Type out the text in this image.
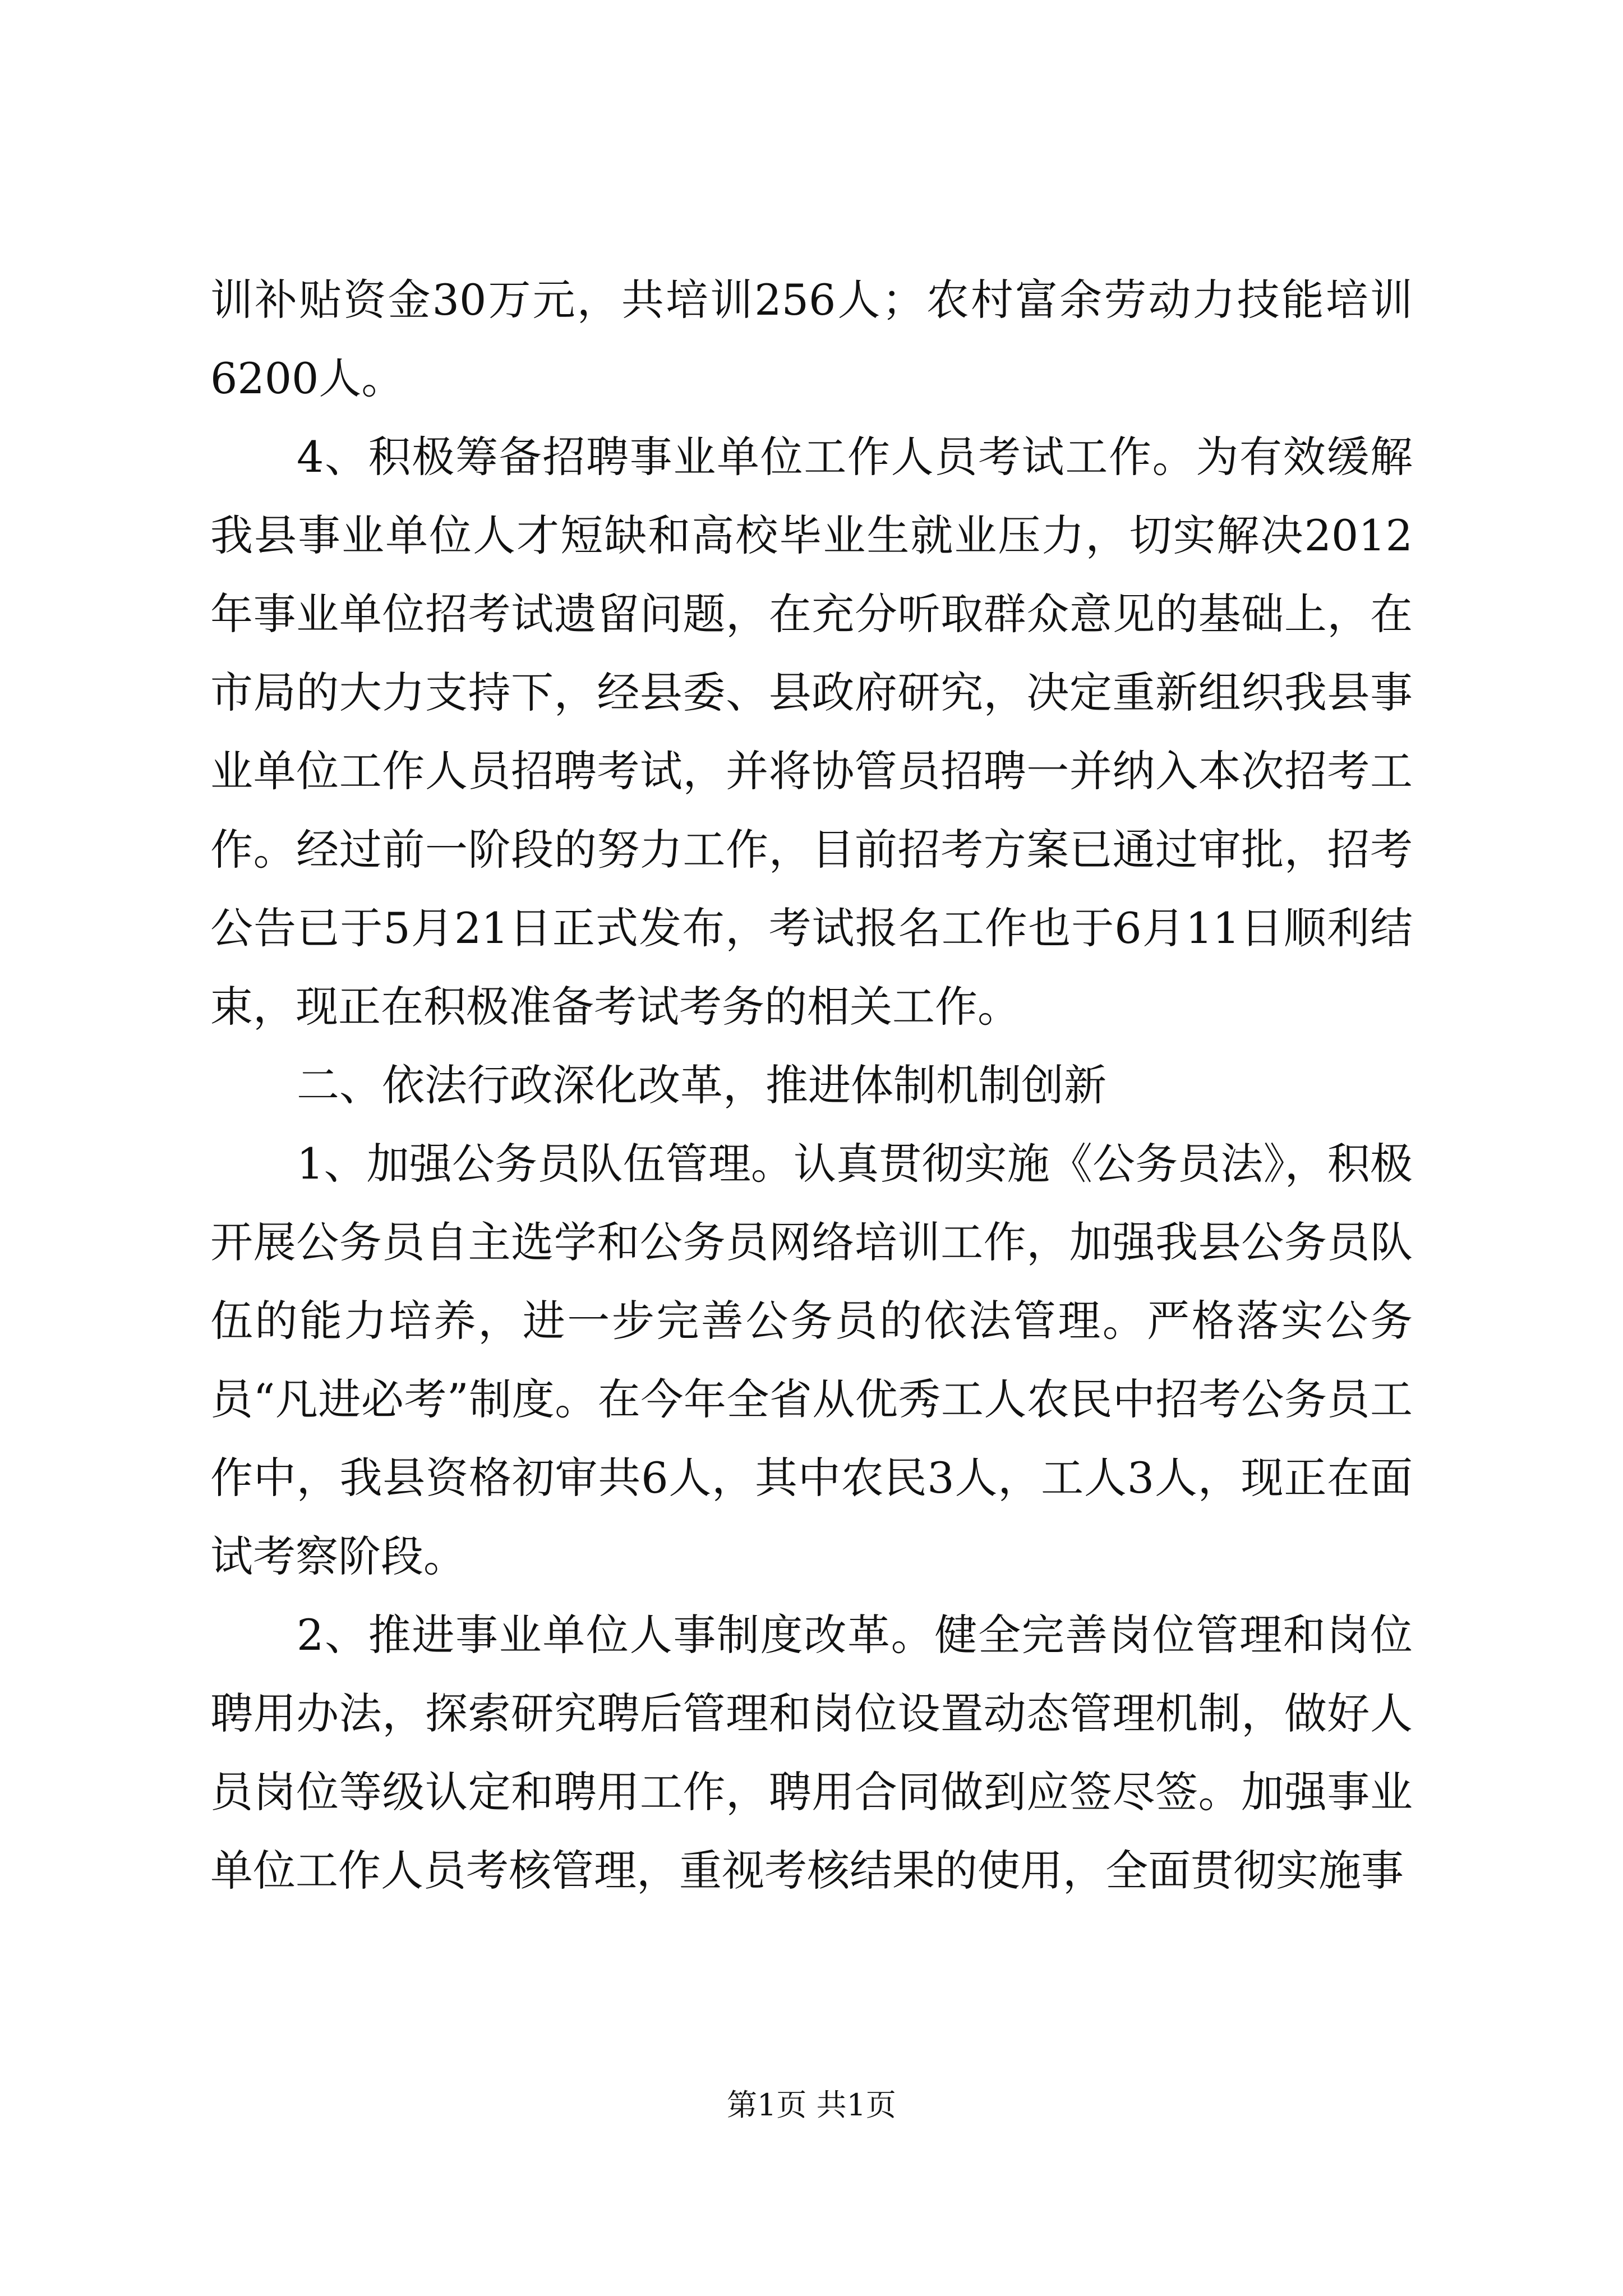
训补贴资金30万元，共培训256人；农村富余劳动力技能培训6200人。

4、积极筹备招聘事业单位工作人员考试工作。为有效缓解我县事业单位人才短缺和高校毕业生就业压力，切实解决2012年事业单位招考试遗留问题，在充分听取群众意见的基础上，在市局的大力支持下，经县委、县政府研究，决定重新组织我县事业单位工作人员招聘考试，并将协管员招聘一并纳入本次招考工作。经过前一阶段的努力工作，目前招考方案已通过审批，招考公告已于5月21日正式发布，考试报名工作也于6月11日顺利结束，现正在积极准备考试考务的相关工作。

二、依法行政深化改革，推进体制机制创新

1、加强公务员队伍管理。认真贯彻实施《公务员法》，积极开展公务员自主选学和公务员网络培训工作，加强我县公务员队伍的能力培养，进一步完善公务员的依法管理。严格落实公务员“凡进必考”制度。在今年全省从优秀工人农民中招考公务员工作中，我县资格初审共6人，其中农民3人，工人3人，现正在面试考察阶段。

2、推进事业单位人事制度改革。健全完善岗位管理和岗位聘用办法，探索研究聘后管理和岗位设置动态管理机制，做好人员岗位等级认定和聘用工作，聘用合同做到应签尽签。加强事业单位工作人员考核管理，重视考核结果的使用，全面贯彻实施事

第1页 共1页
